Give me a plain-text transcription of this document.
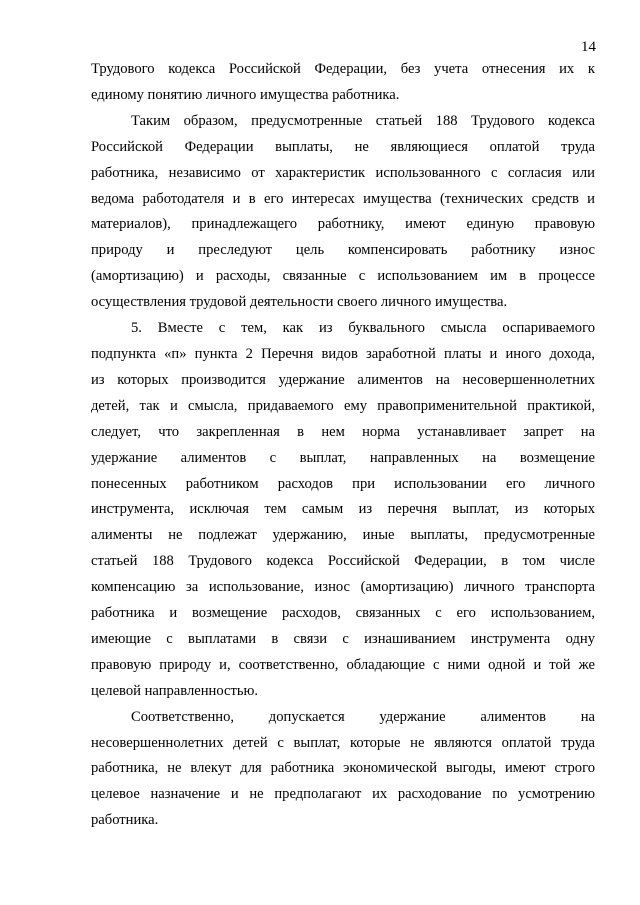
14
Трудового кодекса Российской Федерации, без учета отнесения их к
единому понятию личного имущества работника.
Таким образом, предусмотренные статьей 188 Трудового кодекса
Российской Федерации выплаты, не являющиеся оплатой труда
работника, независимо от характеристик использованного с согласия или
ведома работодателя и в его интересах имущества (технических средств и
материалов), принадлежащего работнику, имеют единую правовую
природу и преследуют цель компенсировать работнику износ
(амортизацию) и расходы, связанные с использованием им в процессе
осуществления трудовой деятельности своего личного имущества.
5. Вместе с тем, как из буквального смысла оспариваемого
подпункта «п» пункта 2 Перечня видов заработной платы и иного дохода,
из которых производится удержание алиментов на несовершеннолетних
детей, так и смысла, придаваемого ему правоприменительной практикой,
следует, что закрепленная в нем норма устанавливает запрет на
удержание алиментов с выплат, направленных на возмещение
понесенных работником расходов при использовании его личного
инструмента, исключая тем самым из перечня выплат, из которых
алименты не подлежат удержанию, иные выплаты, предусмотренные
статьей 188 Трудового кодекса Российской Федерации, в том числе
компенсацию за использование, износ (амортизацию) личного транспорта
работника и возмещение расходов, связанных с его использованием,
имеющие с выплатами в связи с изнашиванием инструмента одну
правовую природу и, соответственно, обладающие с ними одной и той же
целевой направленностью.
Соответственно, допускается удержание алиментов на
несовершеннолетних детей с выплат, которые не являются оплатой труда
работника, не влекут для работника экономической выгоды, имеют строго
целевое назначение и не предполагают их расходование по усмотрению
работника.
